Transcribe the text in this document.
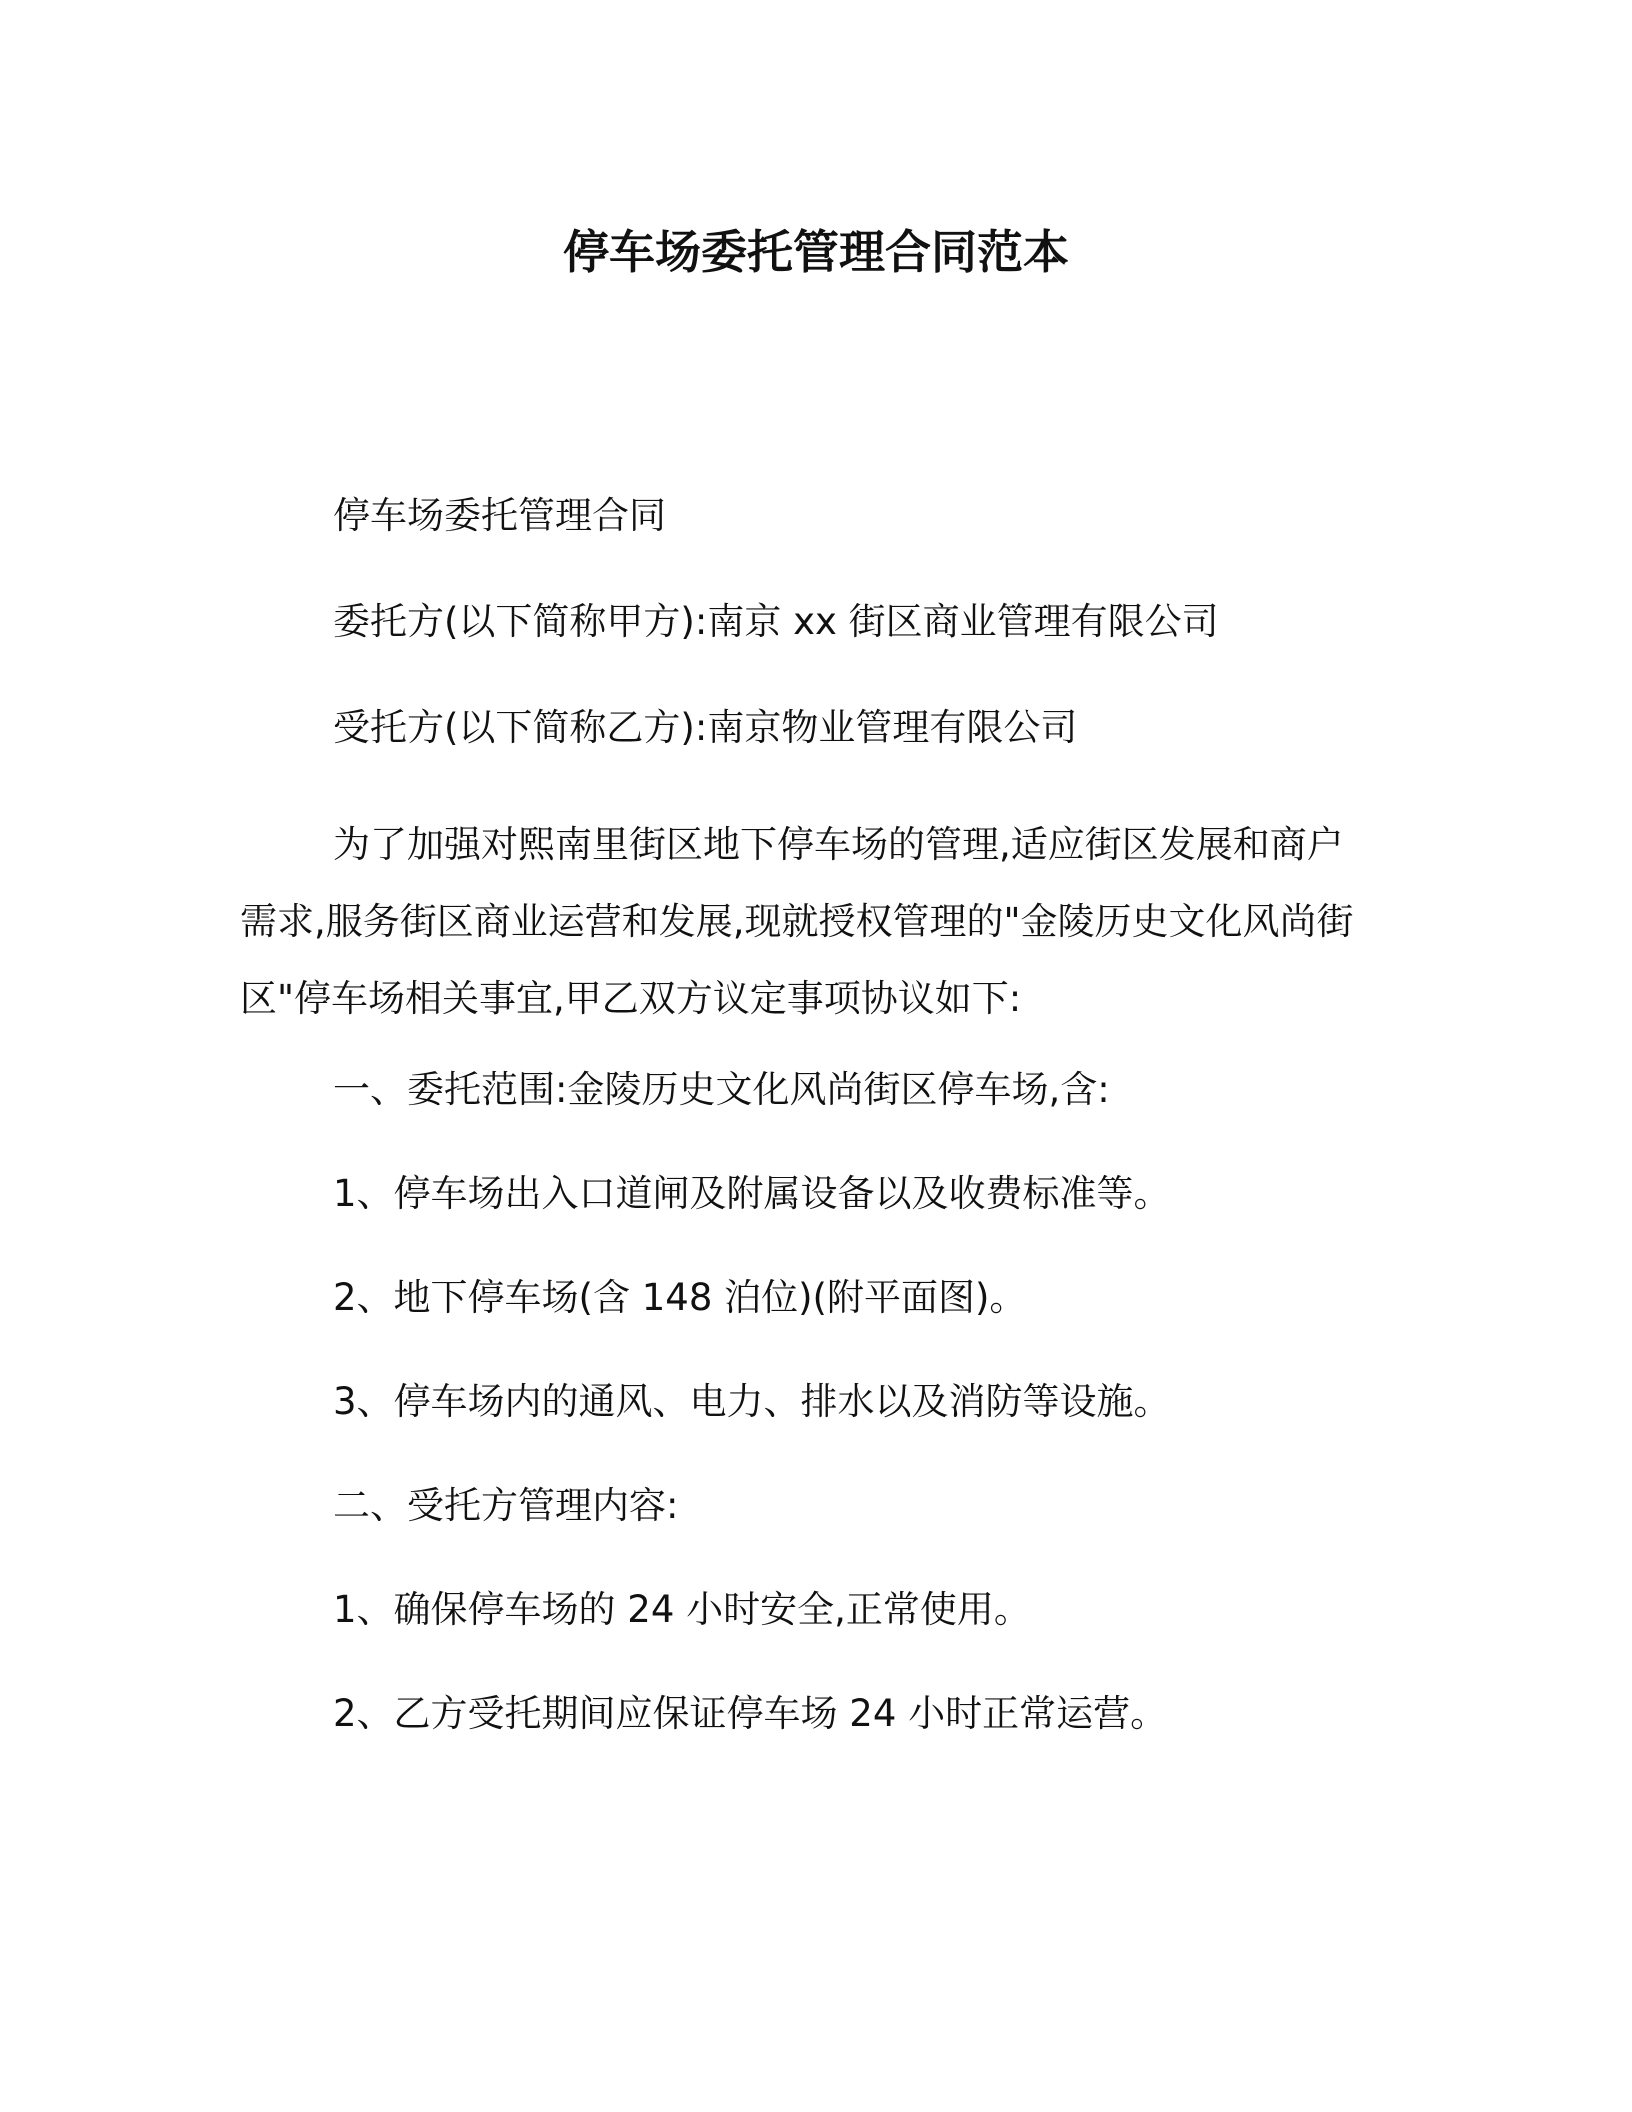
停车场委托管理合同范本
停车场委托管理合同
委托方(以下简称甲方):南京 xx 街区商业管理有限公司
受托方(以下简称乙方):南京物业管理有限公司
为了加强对熙南里街区地下停车场的管理,适应街区发展和商户
需求,服务街区商业运营和发展,现就授权管理的"金陵历史文化风尚街
区"停车场相关事宜,甲乙双方议定事项协议如下:
一、委托范围:金陵历史文化风尚街区停车场,含:
1、停车场出入口道闸及附属设备以及收费标准等。
2、地下停车场(含 148 泊位)(附平面图)。
3、停车场内的通风、电力、排水以及消防等设施。
二、受托方管理内容:
1、确保停车场的 24 小时安全,正常使用。
2、乙方受托期间应保证停车场 24 小时正常运营。
